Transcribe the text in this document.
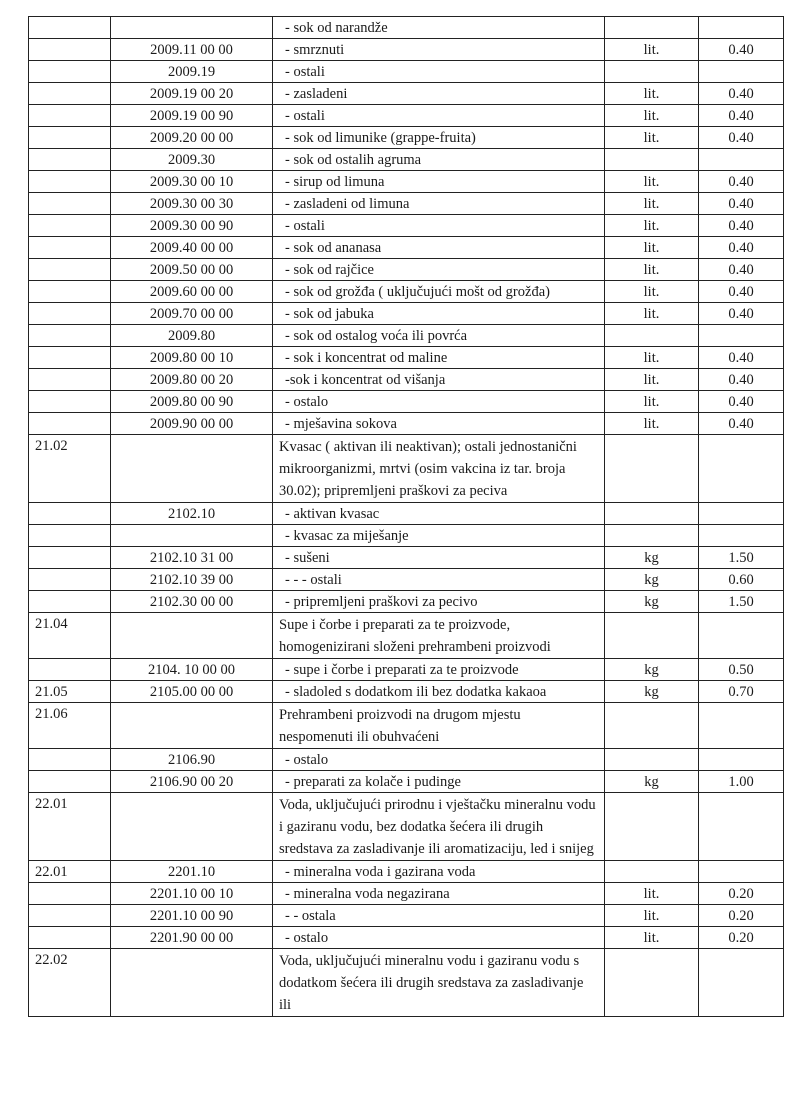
		- sok od narandže		
	2009.11 00 00	- smrznuti	lit.	0.40
	2009.19	- ostali		
	2009.19 00 20	- zasladeni	lit.	0.40
	2009.19 00 90	- ostali	lit.	0.40
	2009.20 00 00	- sok od limunike (grappe-fruita)	lit.	0.40
	2009.30	- sok od ostalih agruma		
	2009.30 00 10	- sirup od limuna	lit.	0.40
	2009.30 00 30	- zasladeni od limuna	lit.	0.40
	2009.30 00 90	- ostali	lit.	0.40
	2009.40 00 00	- sok od ananasa	lit.	0.40
	2009.50 00 00	- sok od rajčice	lit.	0.40
	2009.60 00 00	- sok od grožđa ( uključujući mošt od grožđa)	lit.	0.40
	2009.70 00 00	- sok od jabuka	lit.	0.40
	2009.80	- sok od ostalog voća ili povrća		
	2009.80 00 10	- sok i koncentrat od maline	lit.	0.40
	2009.80 00 20	-sok i koncentrat od višanja	lit.	0.40
	2009.80 00 90	- ostalo	lit.	0.40
	2009.90 00 00	- mješavina sokova	lit.	0.40
21.02		Kvasac ( aktivan ili neaktivan); ostali jednostanični mikroorganizmi, mrtvi (osim vakcina iz tar. broja 30.02); pripremljeni praškovi za peciva		
	2102.10	- aktivan kvasac		
		- kvasac za miješanje		
	2102.10 31 00	- sušeni	kg	1.50
	2102.10 39 00	- - - ostali	kg	0.60
	2102.30 00 00	- pripremljeni praškovi za pecivo	kg	1.50
21.04		Supe i čorbe i preparati za te proizvode, homogenizirani složeni prehrambeni proizvodi		
	2104. 10 00 00	- supe i čorbe i preparati za te proizvode	kg	0.50
21.05	2105.00 00 00	- sladoled s dodatkom ili bez dodatka kakaoa	kg	0.70
21.06		Prehrambeni proizvodi na drugom mjestu nespomenuti ili obuhvaćeni		
	2106.90	- ostalo		
	2106.90 00 20	- preparati za kolače i pudinge	kg	1.00
22.01		Voda, uključujući prirodnu i vještačku mineralnu vodu i gaziranu vodu, bez dodatka šećera ili drugih sredstava za zasladivanje ili aromatizaciju, led i snijeg		
22.01	2201.10	- mineralna voda i gazirana voda		
	2201.10 00 10	- mineralna voda negazirana	lit.	0.20
	2201.10 00 90	- - ostala	lit.	0.20
	2201.90 00 00	- ostalo	lit.	0.20
22.02		Voda, uključujući mineralnu vodu i gaziranu vodu s dodatkom šećera ili drugih sredstava za zasladivanje ili		
